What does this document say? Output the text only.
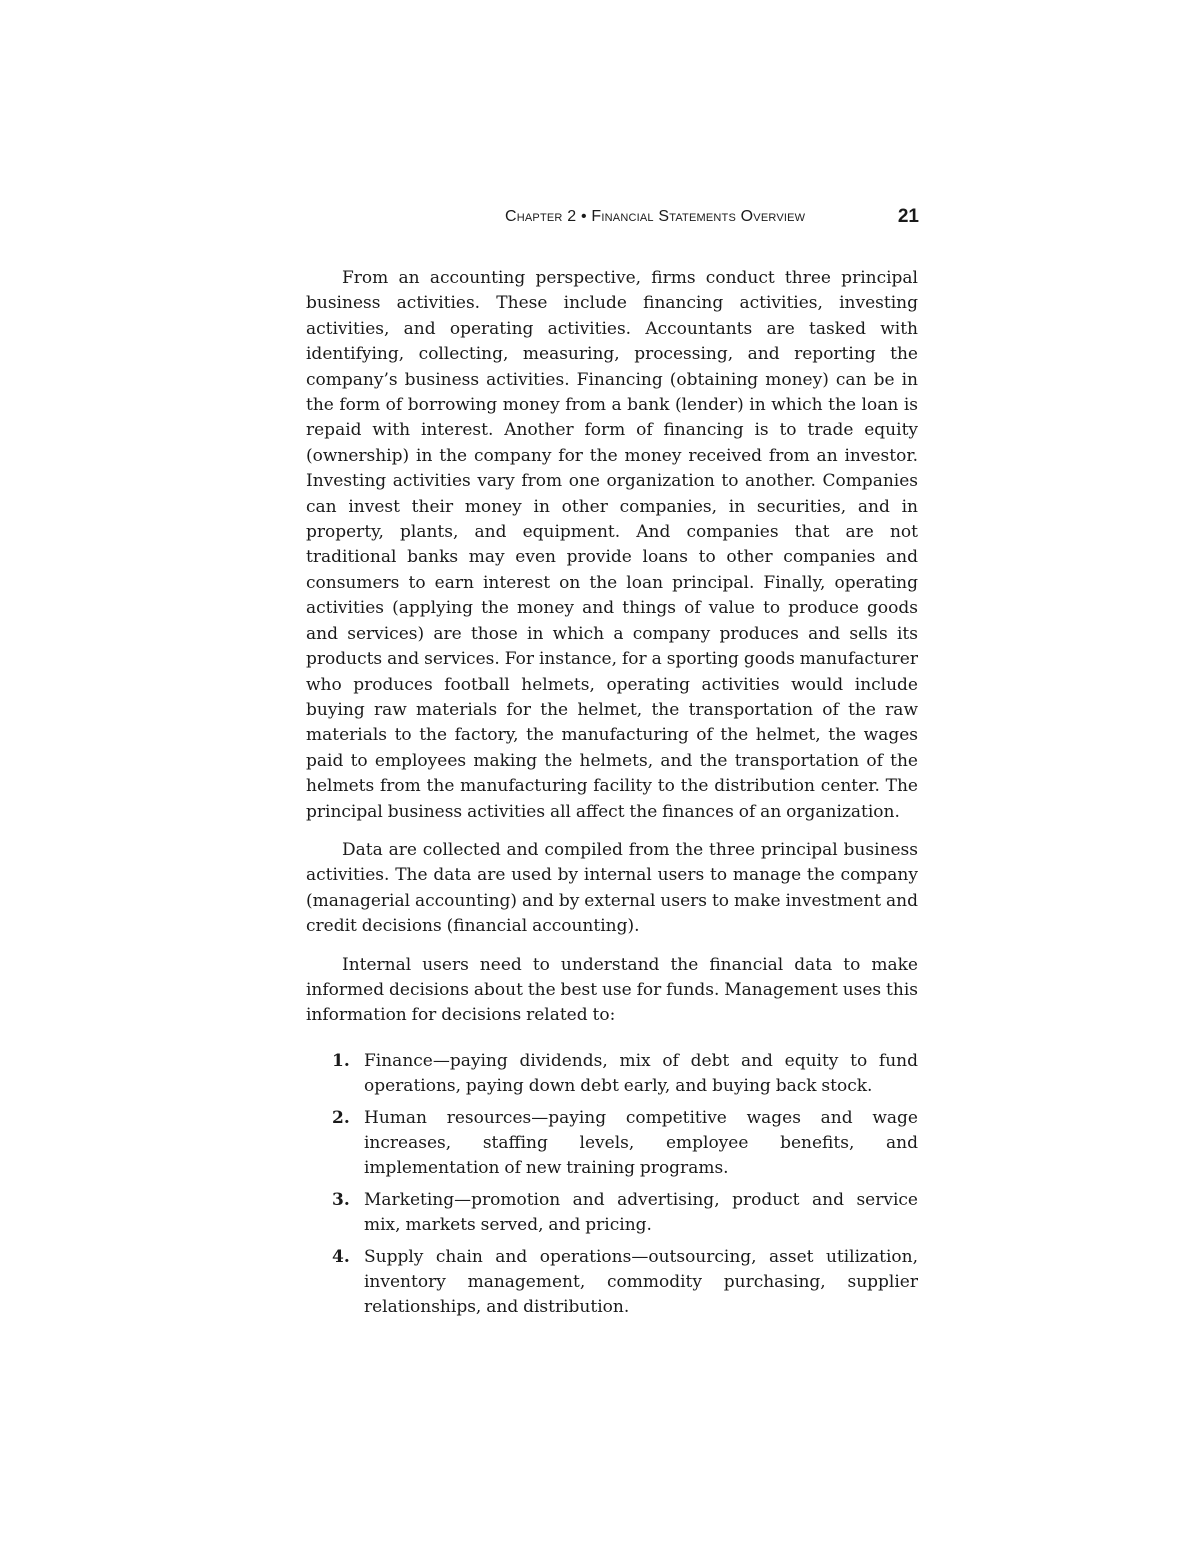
Chapter 2 • Financial Statements Overview	21

From an accounting perspective, firms conduct three principal business activities. These include financing activities, investing activities, and operating activities. Accountants are tasked with identifying, collecting, measuring, processing, and reporting the company’s business activities. Financing (obtaining money) can be in the form of borrowing money from a bank (lender) in which the loan is repaid with interest. Another form of financing is to trade equity (ownership) in the company for the money received from an investor. Investing activities vary from one organization to another. Companies can invest their money in other companies, in securities, and in property, plants, and equipment. And companies that are not traditional banks may even provide loans to other companies and consumers to earn interest on the loan principal. Finally, operating activities (applying the money and things of value to produce goods and services) are those in which a company produces and sells its products and services. For instance, for a sporting goods manufacturer who produces football helmets, operating activities would include buying raw materials for the helmet, the transportation of the raw materials to the factory, the manufacturing of the helmet, the wages paid to employees making the helmets, and the transportation of the helmets from the manufacturing facility to the distribution center. The principal business activities all affect the finances of an organization.

Data are collected and compiled from the three principal business activities. The data are used by internal users to manage the company (managerial accounting) and by external users to make investment and credit decisions (financial accounting).

Internal users need to understand the financial data to make informed decisions about the best use for funds. Management uses this information for decisions related to:

1. Finance—paying dividends, mix of debt and equity to fund operations, paying down debt early, and buying back stock.
2. Human resources—paying competitive wages and wage increases, staffing levels, employee benefits, and implementation of new training programs.
3. Marketing—promotion and advertising, product and service mix, markets served, and pricing.
4. Supply chain and operations—outsourcing, asset utilization, inventory management, commodity purchasing, supplier relationships, and distribution.
